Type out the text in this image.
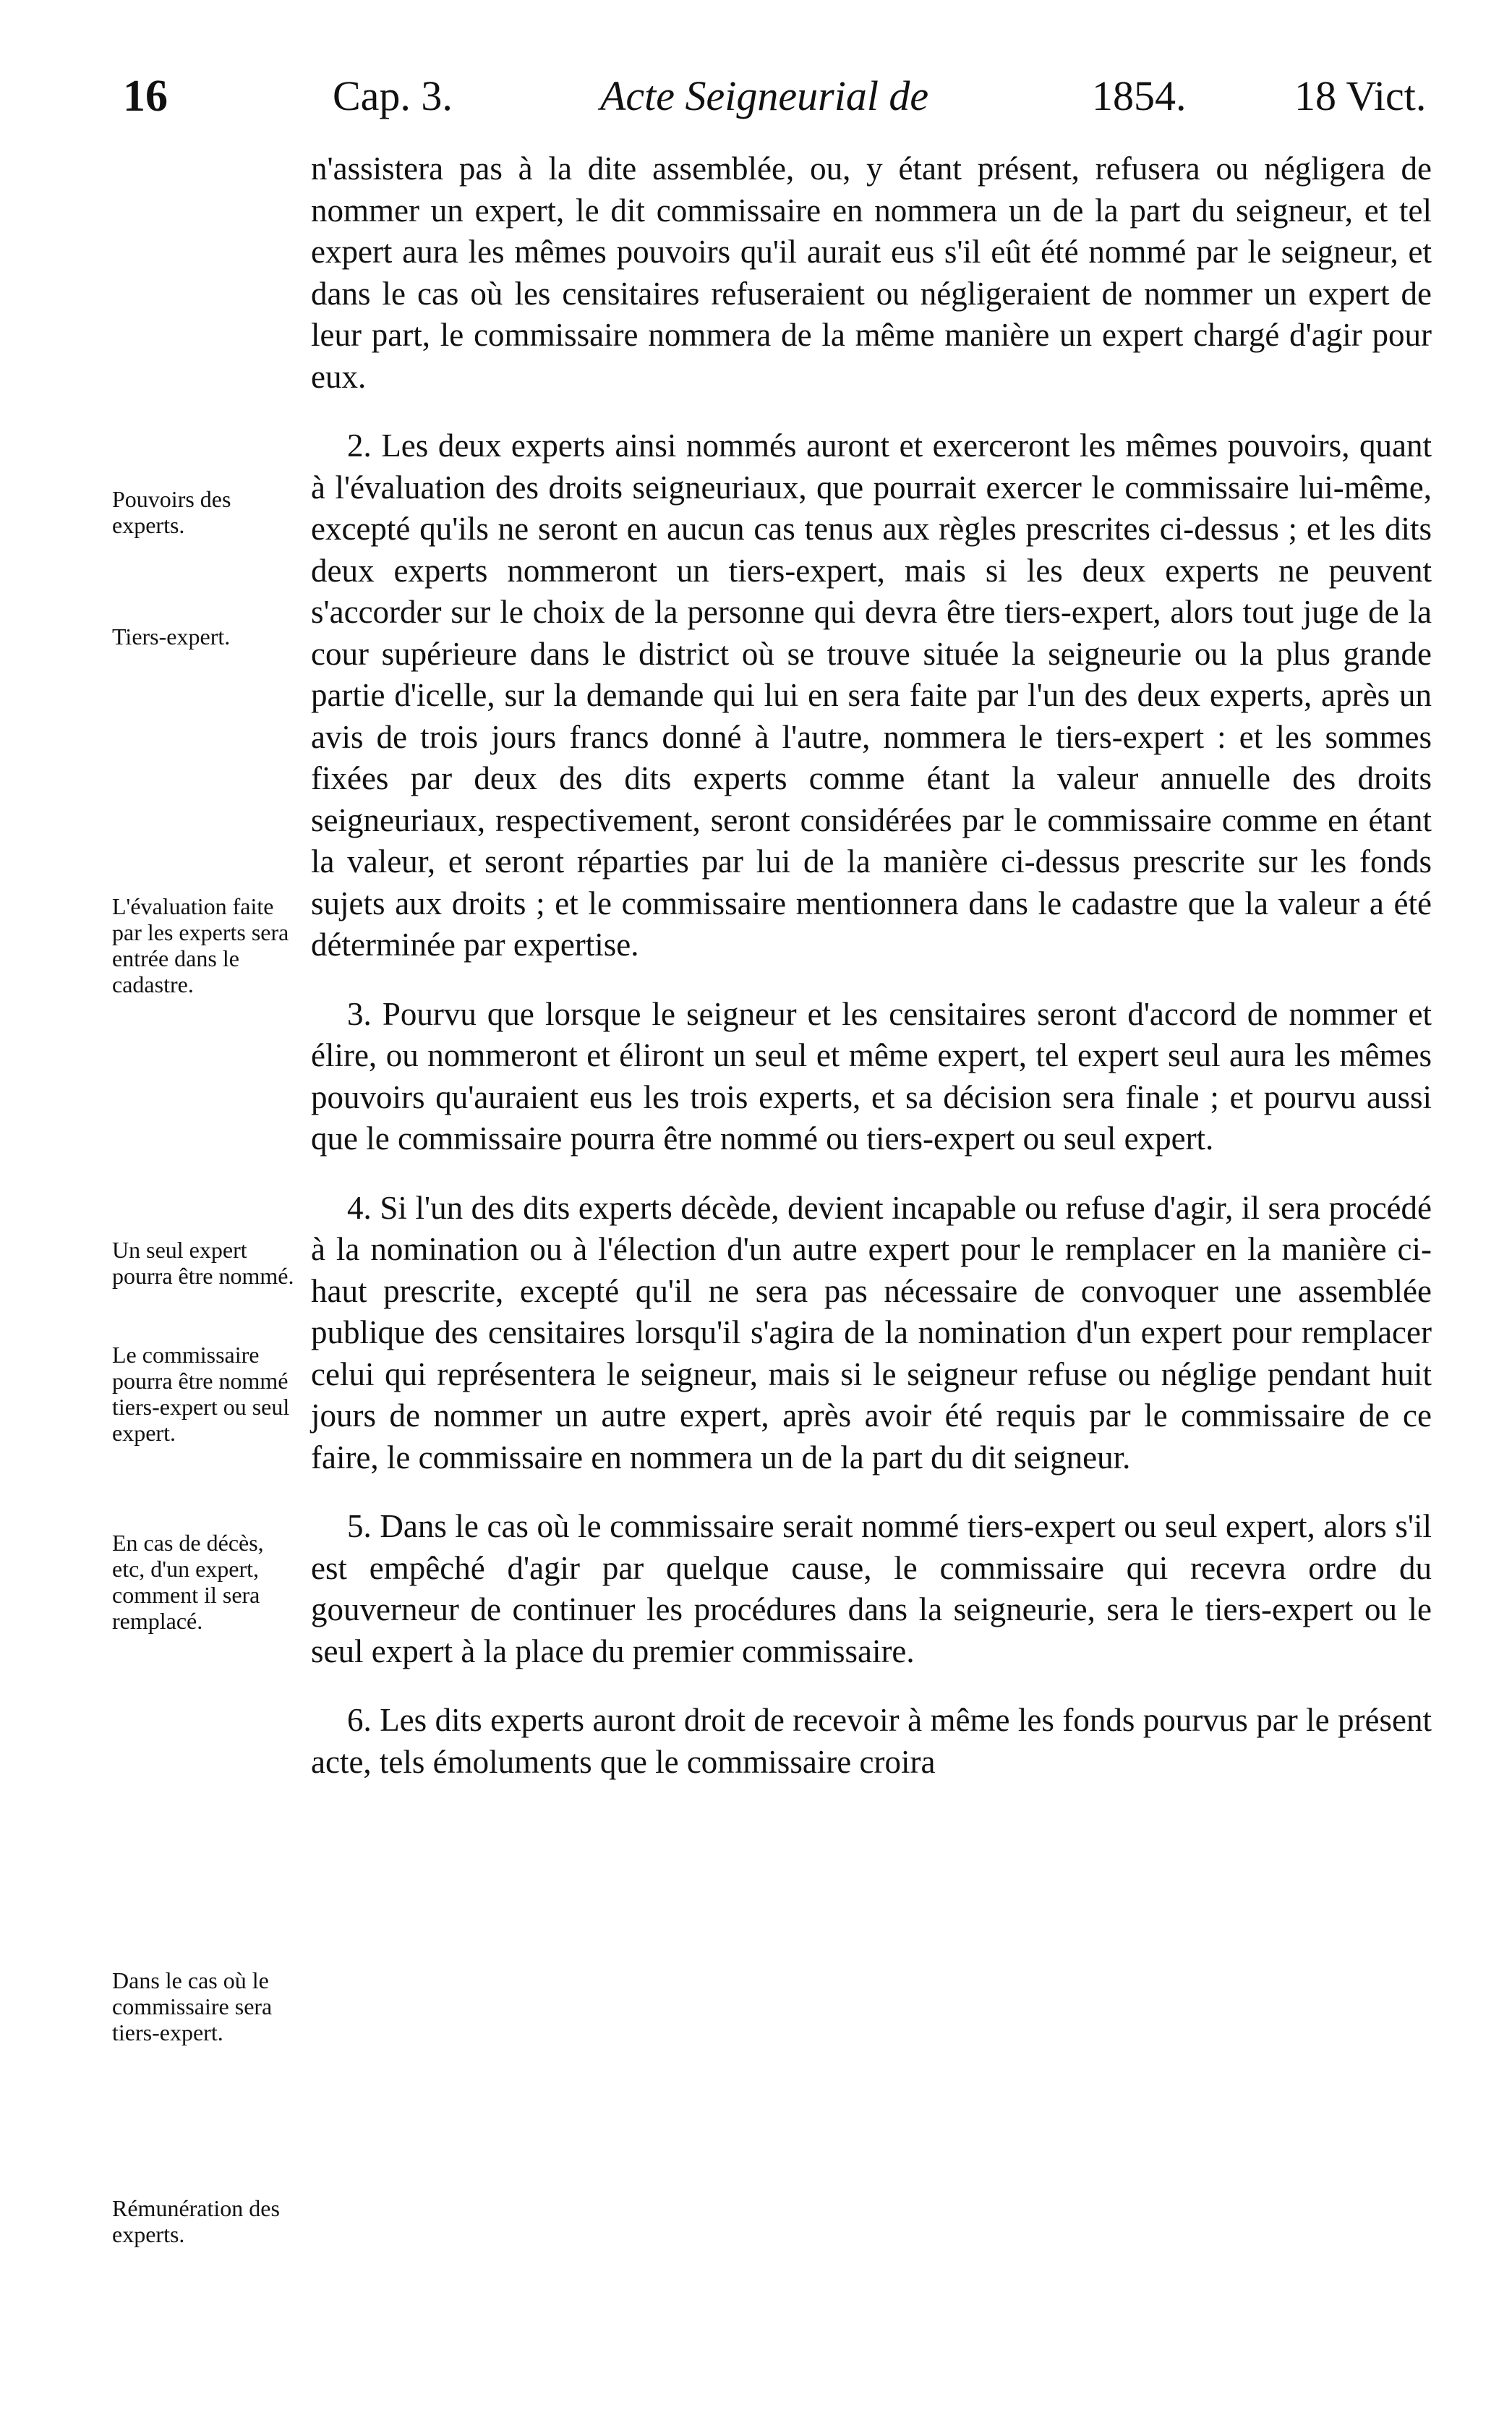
16	Cap. 3.	Acte Seigneurial de	1854.	18 Vict.
Pouvoirs des experts.
Tiers-expert.
L'évaluation faite par les experts sera entrée dans le cadastre.
Un seul expert pourra être nommé.
Le commissaire pourra être nommé tiers-expert ou seul expert.
En cas de décès, etc, d'un expert, comment il sera remplacé.
Dans le cas où le commissaire sera tiers-expert.
Rémunération des experts.

n'assistera pas à la dite assemblée, ou, y étant présent, refusera ou négligera de nommer un expert, le dit commissaire en nommera un de la part du seigneur, et tel expert aura les mêmes pouvoirs qu'il aurait eus s'il eût été nommé par le seigneur, et dans le cas où les censitaires refuseraient ou négligeraient de nommer un expert de leur part, le commissaire nommera de la même manière un expert chargé d'agir pour eux.

2. Les deux experts ainsi nommés auront et exerceront les mêmes pouvoirs, quant à l'évaluation des droits seigneuriaux, que pourrait exercer le commissaire lui-même, excepté qu'ils ne seront en aucun cas tenus aux règles prescrites ci-dessus ; et les dits deux experts nommeront un tiers-expert, mais si les deux experts ne peuvent s'accorder sur le choix de la personne qui devra être tiers-expert, alors tout juge de la cour supérieure dans le district où se trouve située la seigneurie ou la plus grande partie d'icelle, sur la demande qui lui en sera faite par l'un des deux experts, après un avis de trois jours francs donné à l'autre, nommera le tiers-expert : et les sommes fixées par deux des dits experts comme étant la valeur annuelle des droits seigneuriaux, respectivement, seront considérées par le commissaire comme en étant la valeur, et seront réparties par lui de la manière ci-dessus prescrite sur les fonds sujets aux droits ; et le commissaire mentionnera dans le cadastre que la valeur a été déterminée par expertise.

3. Pourvu que lorsque le seigneur et les censitaires seront d'accord de nommer et élire, ou nommeront et éliront un seul et même expert, tel expert seul aura les mêmes pouvoirs qu'auraient eus les trois experts, et sa décision sera finale ; et pourvu aussi que le commissaire pourra être nommé ou tiers-expert ou seul expert.

4. Si l'un des dits experts décède, devient incapable ou refuse d'agir, il sera procédé à la nomination ou à l'élection d'un autre expert pour le remplacer en la manière ci-haut prescrite, excepté qu'il ne sera pas nécessaire de convoquer une assemblée publique des censitaires lorsqu'il s'agira de la nomination d'un expert pour remplacer celui qui représentera le seigneur, mais si le seigneur refuse ou néglige pendant huit jours de nommer un autre expert, après avoir été requis par le commissaire de ce faire, le commissaire en nommera un de la part du dit seigneur.

5. Dans le cas où le commissaire serait nommé tiers-expert ou seul expert, alors s'il est empêché d'agir par quelque cause, le commissaire qui recevra ordre du gouverneur de continuer les procédures dans la seigneurie, sera le tiers-expert ou le seul expert à la place du premier commissaire.

6. Les dits experts auront droit de recevoir à même les fonds pourvus par le présent acte, tels émoluments que le commissaire croira
